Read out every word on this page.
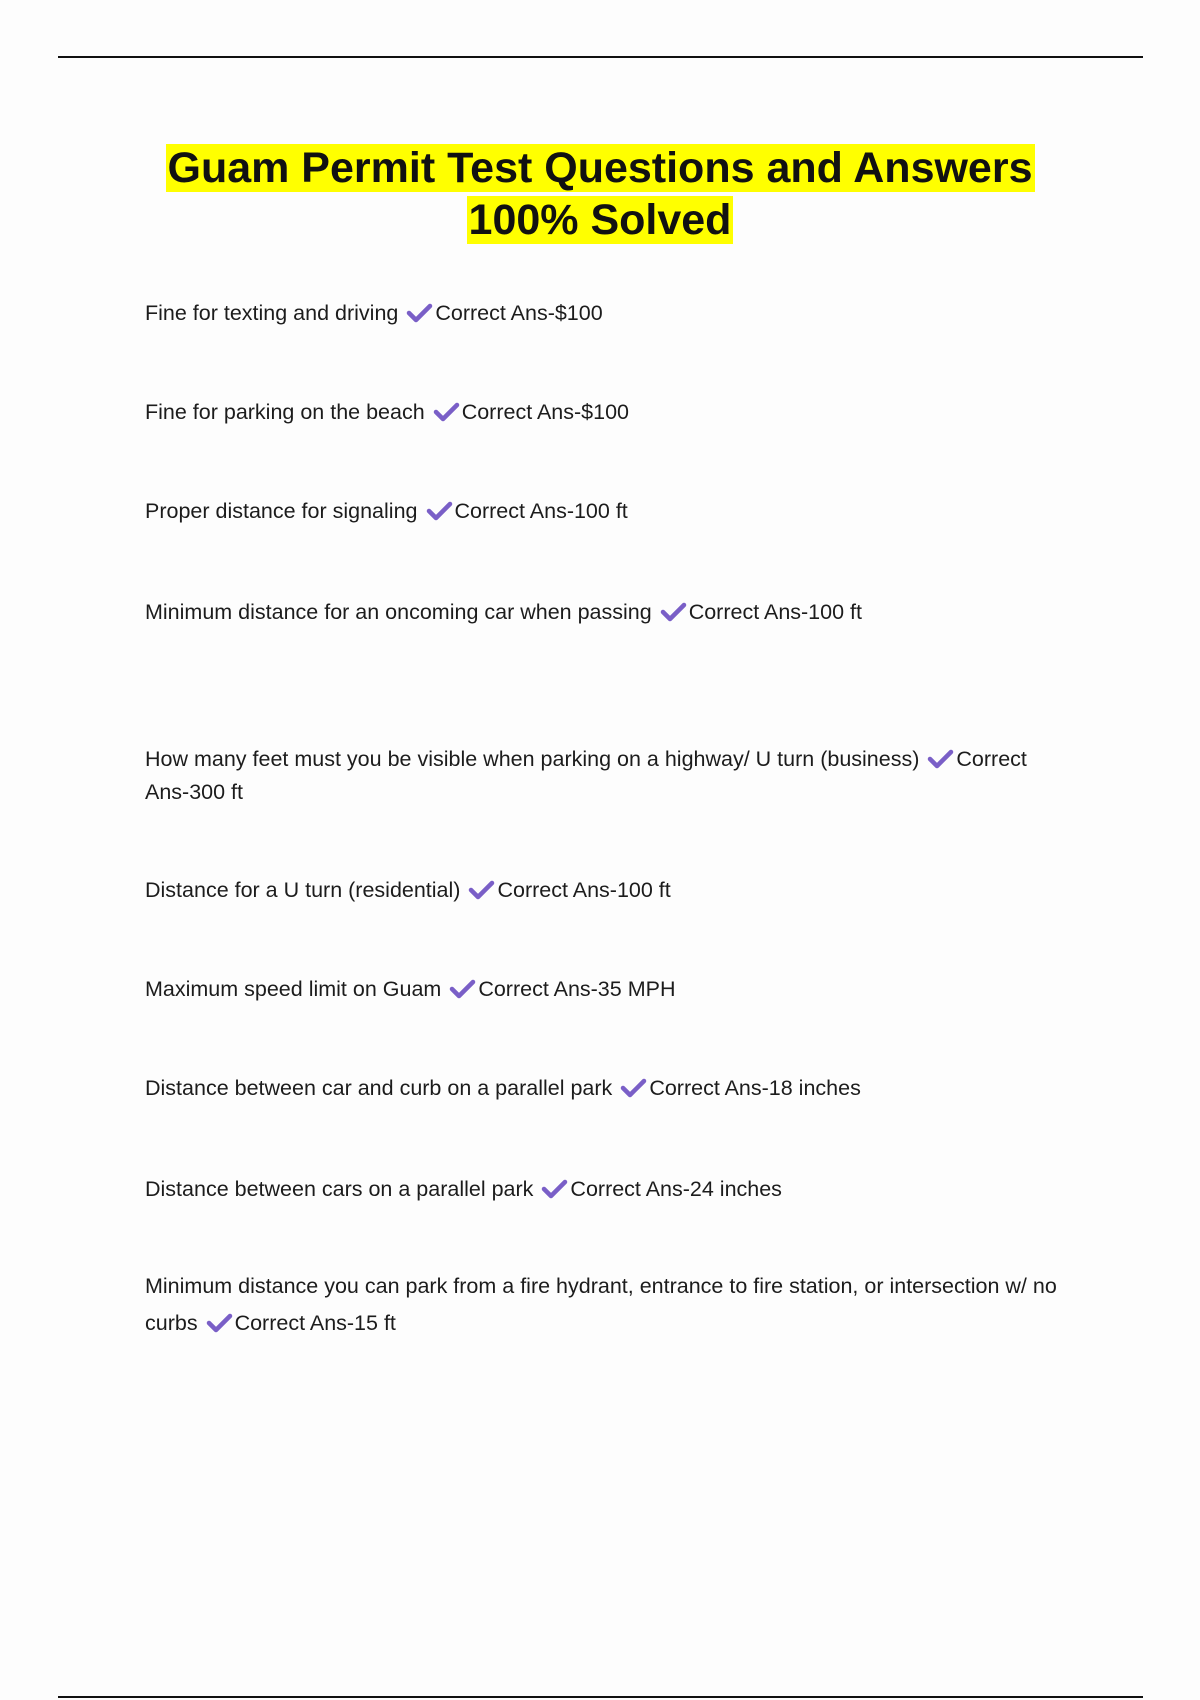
Guam Permit Test Questions and Answers
100% Solved
Fine for texting and driving Correct Ans-$100
Fine for parking on the beach Correct Ans-$100
Proper distance for signaling Correct Ans-100 ft
Minimum distance for an oncoming car when passing Correct Ans-100 ft
How many feet must you be visible when parking on a highway/ U turn (business) Correct Ans-300 ft
Distance for a U turn (residential) Correct Ans-100 ft
Maximum speed limit on Guam Correct Ans-35 MPH
Distance between car and curb on a parallel park Correct Ans-18 inches
Distance between cars on a parallel park Correct Ans-24 inches
Minimum distance you can park from a fire hydrant, entrance to fire station, or intersection w/ no curbs Correct Ans-15 ft
